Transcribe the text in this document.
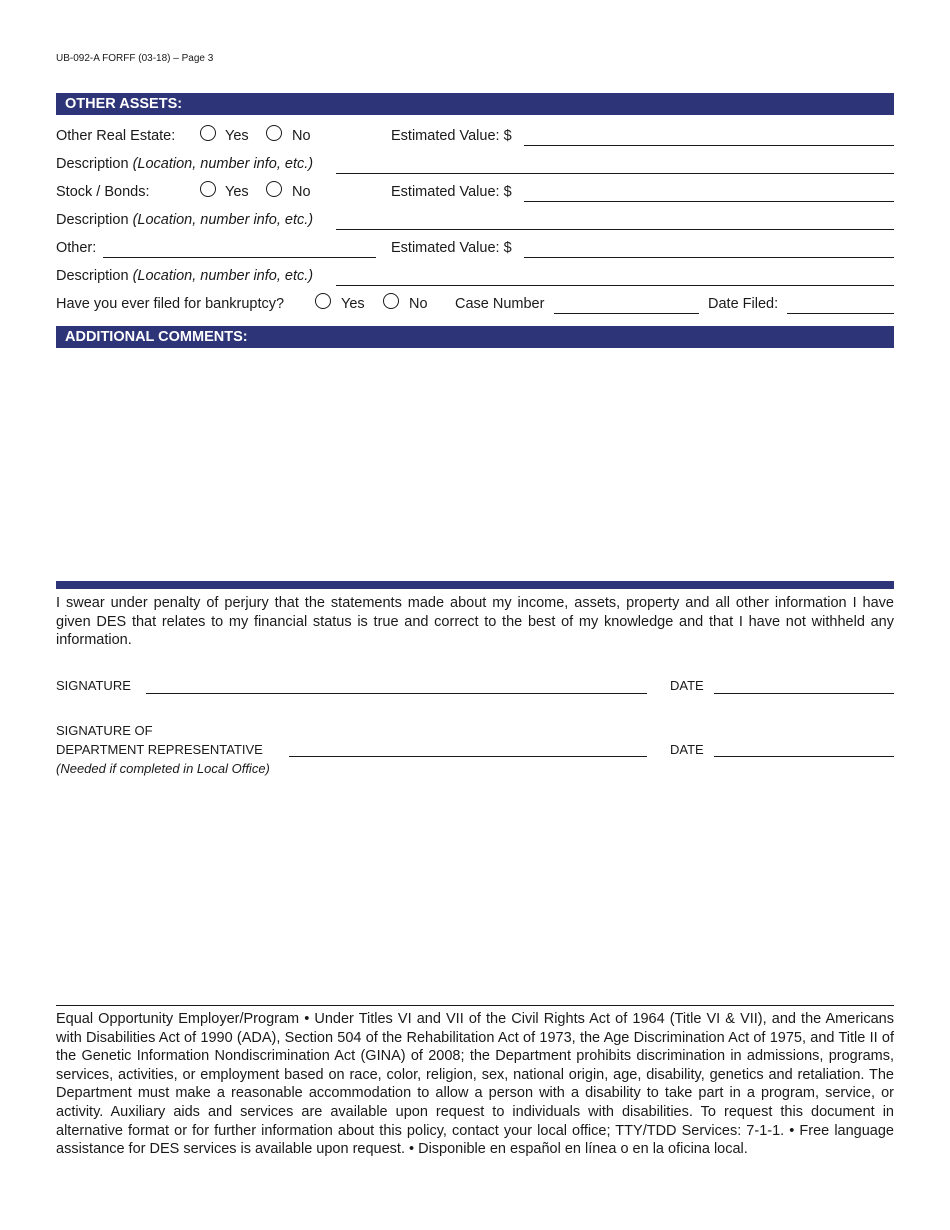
UB-092-A FORFF (03-18) – Page 3
OTHER ASSETS:
Other Real Estate:	Yes	No	Estimated Value: $
Description (Location, number info, etc.)
Stock / Bonds:	Yes	No	Estimated Value: $
Description (Location, number info, etc.)
Other:	Estimated Value: $
Description (Location, number info, etc.)
Have you ever filed for bankruptcy?	Yes	No Case Number	Date Filed:
ADDITIONAL COMMENTS:
I swear under penalty of perjury that the statements made about my income, assets, property and all other information I have given DES that relates to my financial status is true and correct to the best of my knowledge and that I have not withheld any information.
SIGNATURE	DATE
SIGNATURE OF
DEPARTMENT REPRESENTATIVE	DATE
(Needed if completed in Local Office)
Equal Opportunity Employer/Program • Under Titles VI and VII of the Civil Rights Act of 1964 (Title VI & VII), and the Americans with Disabilities Act of 1990 (ADA), Section 504 of the Rehabilitation Act of 1973, the Age Discrimination Act of 1975, and Title II of the Genetic Information Nondiscrimination Act (GINA) of 2008; the Department prohibits discrimination in admissions, programs, services, activities, or employment based on race, color, religion, sex, national origin, age, disability, genetics and retaliation. The Department must make a reasonable accommodation to allow a person with a disability to take part in a program, service, or activity. Auxiliary aids and services are available upon request to individuals with disabilities. To request this document in alternative format or for further information about this policy, contact your local office; TTY/TDD Services: 7-1-1. • Free language assistance for DES services is available upon request. • Disponible en español en línea o en la oficina local.
